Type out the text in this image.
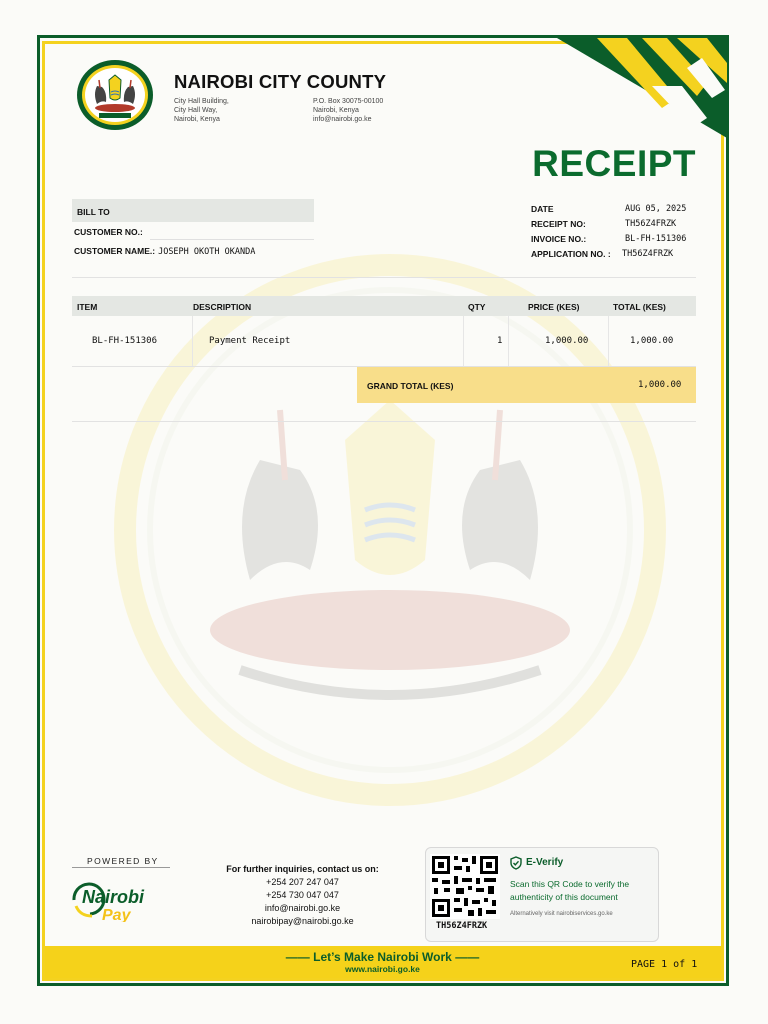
NAIROBI CITY COUNTY
City Hall Building,
City Hall Way,
Nairobi, Kenya
P.O. Box 30075-00100
Nairobi, Kenya
info@nairobi.go.ke
RECEIPT
BILL TO
CUSTOMER NO.:
CUSTOMER NAME.: JOSEPH OKOTH OKANDA
DATE	AUG 05, 2025
RECEIPT NO:	TH56Z4FRZK
INVOICE NO.:	BL-FH-151306
APPLICATION NO. :	TH56Z4FRZK
ITEM	DESCRIPTION	QTY	PRICE (KES)	TOTAL (KES)
BL-FH-151306	Payment Receipt	1	1,000.00	1,000.00
GRAND TOTAL (KES)	1,000.00
POWERED BY
Nairobi
Pay
For further inquiries, contact us on:
+254 207 247 047
+254 730 047 047
info@nairobi.go.ke
nairobipay@nairobi.go.ke	TH56Z4FRZK
E-Verify
Scan this QR Code to verify the authenticity of this document
Alternatively visit nairobiservices.go.ke
—— Let’s Make Nairobi Work ——
www.nairobi.go.ke	PAGE 1 of 1
